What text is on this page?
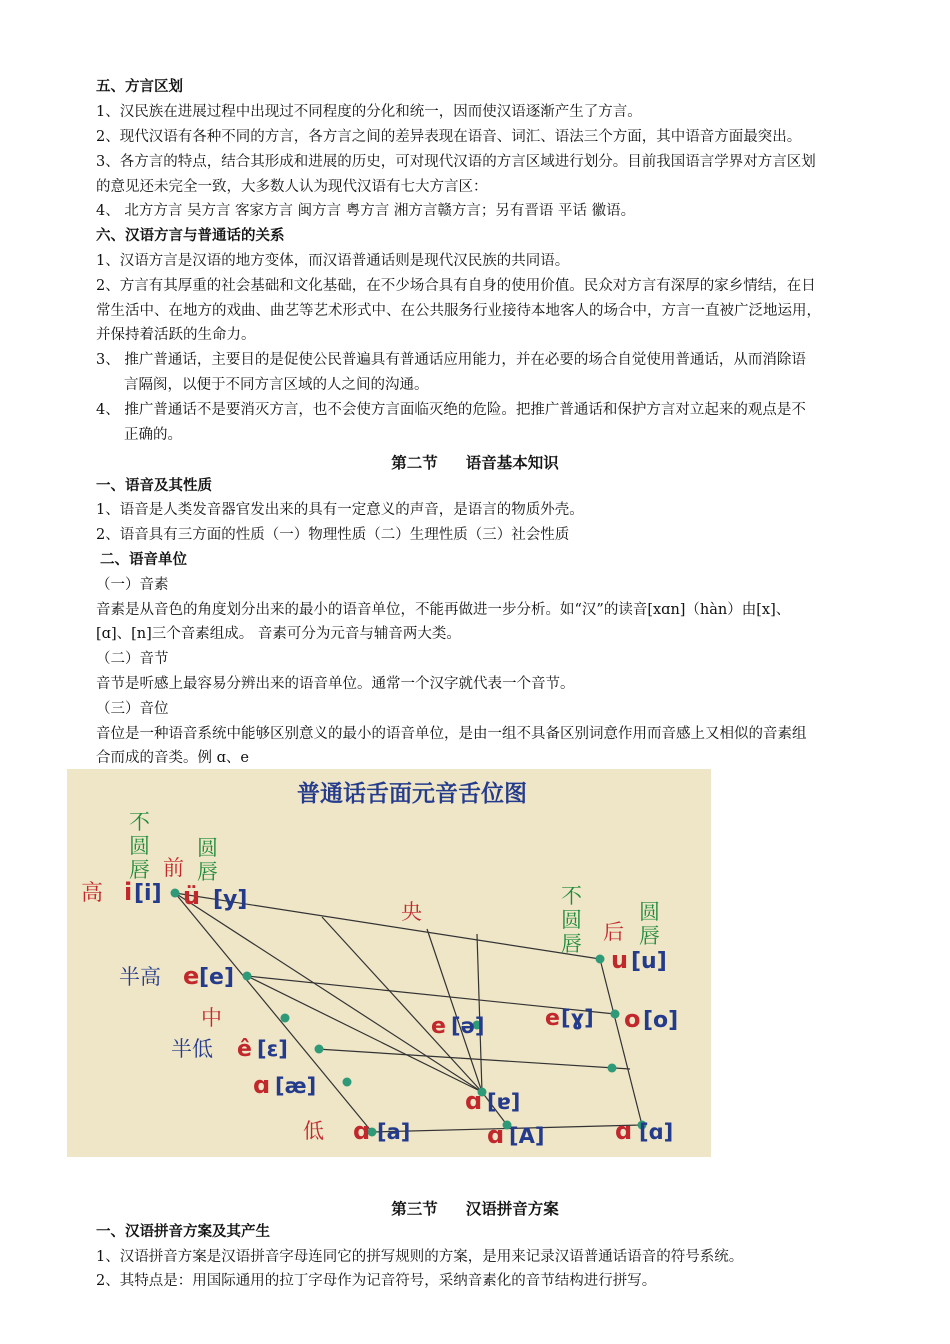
五、方言区划
1、汉民族在进展过程中出现过不同程度的分化和统一，因而使汉语逐渐产生了方言。
2、现代汉语有各种不同的方言，各方言之间的差异表现在语音、词汇、语法三个方面，其中语音方面最突出。
3、各方言的特点，结合其形成和进展的历史，可对现代汉语的方言区域进行划分。目前我国语言学界对方言区划
的意见还未完全一致，大多数人认为现代汉语有七大方言区：
4、 北方方言 吴方言 客家方言 闽方言 粤方言 湘方言赣方言；另有晋语 平话 徽语。
六、汉语方言与普通话的关系
1、汉语方言是汉语的地方变体，而汉语普通话则是现代汉民族的共同语。
2、方言有其厚重的社会基础和文化基础，在不少场合具有自身的使用价值。民众对方言有深厚的家乡情结，在日
常生活中、在地方的戏曲、曲艺等艺术形式中、在公共服务行业接待本地客人的场合中，方言一直被广泛地运用，
并保持着活跃的生命力。
3、 推广普通话，主要目的是促使公民普遍具有普通话应用能力，并在必要的场合自觉使用普通话，从而消除语
言隔阂，以便于不同方言区域的人之间的沟通。
4、 推广普通话不是要消灭方言，也不会使方言面临灭绝的危险。把推广普通话和保护方言对立起来的观点是不
正确的。
第二节 语音基本知识
一、语音及其性质
1、语音是人类发音器官发出来的具有一定意义的声音，是语言的物质外壳。
2、语音具有三方面的性质（一）物理性质（二）生理性质（三）社会性质
二、语音单位
（一）音素
音素是从音色的角度划分出来的最小的语音单位，不能再做进一步分析。如“汉”的读音[xɑn]（hàn）由[x]、
[ɑ]、[n]三个音素组成。 音素可分为元音与辅音两大类。
（二）音节
音节是听感上最容易分辨出来的语音单位。通常一个汉字就代表一个音节。
（三）音位
音位是一种语音系统中能够区别意义的最小的语音单位，是由一组不具备区别词意作用而音感上又相似的音素组
合而成的音类。例 ɑ、e
普通话舌面元音舌位图
不
圆
唇 前
圆
唇
高 i [i] ü [y]	央
不
圆
唇 后
圆
唇
u [u]
半高 e [e]
中	e [ə]	e [ɣ] o [o]
半低 ê [ε]
ɑ [æ]
ɑ [ɐ]
低 ɑ [a]	ɑ [A]	ɑ [ɑ]
第三节 汉语拼音方案
一、汉语拼音方案及其产生
1、汉语拼音方案是汉语拼音字母连同它的拼写规则的方案，是用来记录汉语普通话语音的符号系统。
2、其特点是：用国际通用的拉丁字母作为记音符号，采纳音素化的音节结构进行拼写。
